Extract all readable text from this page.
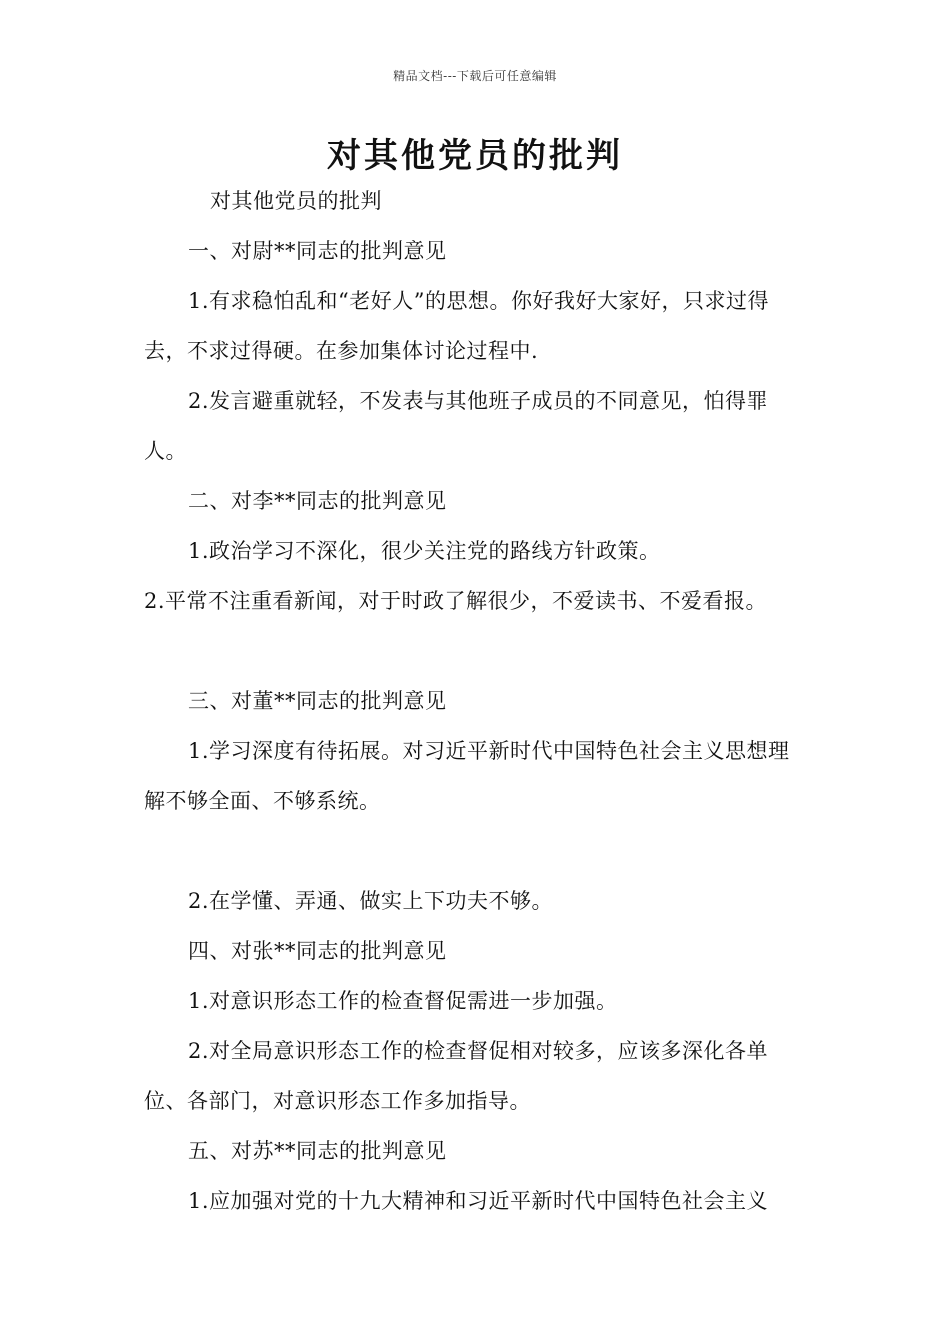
精品文档---下载后可任意编辑
对其他党员的批判

对其他党员的批判

一、对尉**同志的批判意见

1.有求稳怕乱和“老好人”的思想。你好我好大家好，只求过得去，不求过得硬。在参加集体讨论过程中.

2.发言避重就轻，不发表与其他班子成员的不同意见，怕得罪人。

二、对李**同志的批判意见

1.政治学习不深化，很少关注党的路线方针政策。

2.平常不注重看新闻，对于时政了解很少，不爱读书、不爱看报。

三、对董**同志的批判意见

1.学习深度有待拓展。对习近平新时代中国特色社会主义思想理解不够全面、不够系统。

2.在学懂、弄通、做实上下功夫不够。

四、对张**同志的批判意见

1.对意识形态工作的检查督促需进一步加强。

2.对全局意识形态工作的检查督促相对较多，应该多深化各单位、各部门，对意识形态工作多加指导。

五、对苏**同志的批判意见

1.应加强对党的十九大精神和习近平新时代中国特色社会主义
